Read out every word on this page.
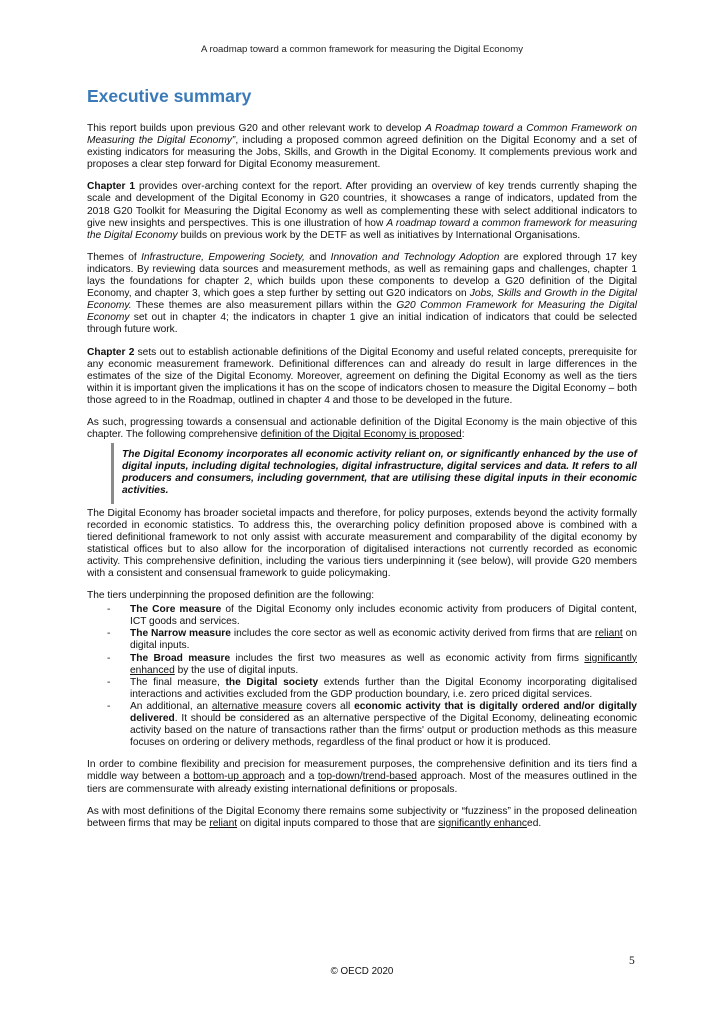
A roadmap toward a common framework for measuring the Digital Economy
Executive summary

This report builds upon previous G20 and other relevant work to develop A Roadmap toward a Common Framework on Measuring the Digital Economy”, including a proposed common agreed definition on the Digital Economy and a set of existing indicators for measuring the Jobs, Skills, and Growth in the Digital Economy. It complements previous work and proposes a clear step forward for Digital Economy measurement.

Chapter 1 provides over-arching context for the report. After providing an overview of key trends currently shaping the scale and development of the Digital Economy in G20 countries, it showcases a range of indicators, updated from the 2018 G20 Toolkit for Measuring the Digital Economy as well as complementing these with select additional indicators to give new insights and perspectives. This is one illustration of how A roadmap toward a common framework for measuring the Digital Economy builds on previous work by the DETF as well as initiatives by International Organisations.

Themes of Infrastructure, Empowering Society, and Innovation and Technology Adoption are explored through 17 key indicators. By reviewing data sources and measurement methods, as well as remaining gaps and challenges, chapter 1 lays the foundations for chapter 2, which builds upon these components to develop a G20 definition of the Digital Economy, and chapter 3, which goes a step further by setting out G20 indicators on Jobs, Skills and Growth in the Digital Economy. These themes are also measurement pillars within the G20 Common Framework for Measuring the Digital Economy set out in chapter 4; the indicators in chapter 1 give an initial indication of indicators that could be selected through future work.

Chapter 2 sets out to establish actionable definitions of the Digital Economy and useful related concepts, prerequisite for any economic measurement framework. Definitional differences can and already do result in large differences in the estimates of the size of the Digital Economy. Moreover, agreement on defining the Digital Economy as well as the tiers within it is important given the implications it has on the scope of indicators chosen to measure the Digital Economy – both those agreed to in the Roadmap, outlined in chapter 4 and those to be developed in the future.

As such, progressing towards a consensual and actionable definition of the Digital Economy is the main objective of this chapter. The following comprehensive definition of the Digital Economy is proposed:

The Digital Economy incorporates all economic activity reliant on, or significantly enhanced by the use of digital inputs, including digital technologies, digital infrastructure, digital services and data. It refers to all producers and consumers, including government, that are utilising these digital inputs in their economic activities.

The Digital Economy has broader societal impacts and therefore, for policy purposes, extends beyond the activity formally recorded in economic statistics. To address this, the overarching policy definition proposed above is combined with a tiered definitional framework to not only assist with accurate measurement and comparability of the digital economy by statistical offices but to also allow for the incorporation of digitalised interactions not currently recorded as economic activity. This comprehensive definition, including the various tiers underpinning it (see below), will provide G20 members with a consistent and consensual framework to guide policymaking.

The tiers underpinning the proposed definition are the following:

- The Core measure of the Digital Economy only includes economic activity from producers of Digital content, ICT goods and services.
- The Narrow measure includes the core sector as well as economic activity derived from firms that are reliant on digital inputs.
- The Broad measure includes the first two measures as well as economic activity from firms significantly enhanced by the use of digital inputs.
- The final measure, the Digital society extends further than the Digital Economy incorporating digitalised interactions and activities excluded from the GDP production boundary, i.e. zero priced digital services.
- An additional, an alternative measure covers all economic activity that is digitally ordered and/or digitally delivered. It should be considered as an alternative perspective of the Digital Economy, delineating economic activity based on the nature of transactions rather than the firms' output or production methods as this measure focuses on ordering or delivery methods, regardless of the final product or how it is produced.

In order to combine flexibility and precision for measurement purposes, the comprehensive definition and its tiers find a middle way between a bottom-up approach and a top-down/trend-based approach. Most of the measures outlined in the tiers are commensurate with already existing international definitions or proposals.

As with most definitions of the Digital Economy there remains some subjectivity or “fuzziness” in the proposed delineation between firms that may be reliant on digital inputs compared to those that are significantly enhanced.

5
© OECD 2020
